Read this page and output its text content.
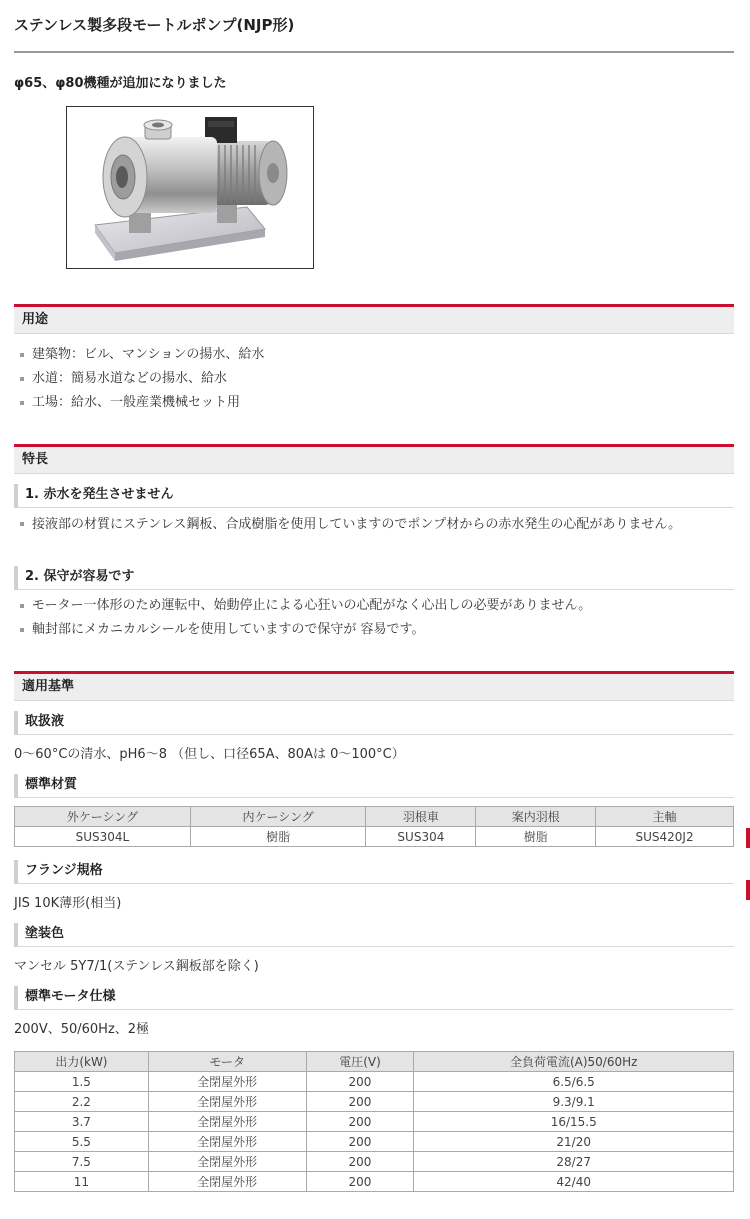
ステンレス製多段モートルポンプ(NJP形)
φ65、φ80機種が追加になりました
用途
建築物：ビル、マンションの揚水、給水
水道：簡易水道などの揚水、給水
工場：給水、一般産業機械セット用
特長
1. 赤水を発生させません
接液部の材質にステンレス鋼板、合成樹脂を使用していますのでポンプ材からの赤水発生の心配がありません。
2. 保守が容易です
モーター一体形のため運転中、始動停止による心狂いの心配がなく心出しの必要がありません。
軸封部にメカニカルシールを使用していますので保守が 容易です。
適用基準
取扱液
0～60°Cの清水、pH6～8 （但し、口径65A、80Aは 0～100°C）
標準材質
外ケーシング	内ケーシング	羽根車	案内羽根	主軸
SUS304L	樹脂	SUS304	樹脂	SUS420J2
フランジ規格
JIS 10K薄形(相当)
塗装色
マンセル 5Y7/1(ステンレス鋼板部を除く)
標準モータ仕様
200V、50/60Hz、2極
出力(kW)	モータ	電圧(V)	全負荷電流(A)50/60Hz
1.5	全閉屋外形	200	6.5/6.5
2.2	全閉屋外形	200	9.3/9.1
3.7	全閉屋外形	200	16/15.5
5.5	全閉屋外形	200	21/20
7.5	全閉屋外形	200	28/27
11	全閉屋外形	200	42/40
